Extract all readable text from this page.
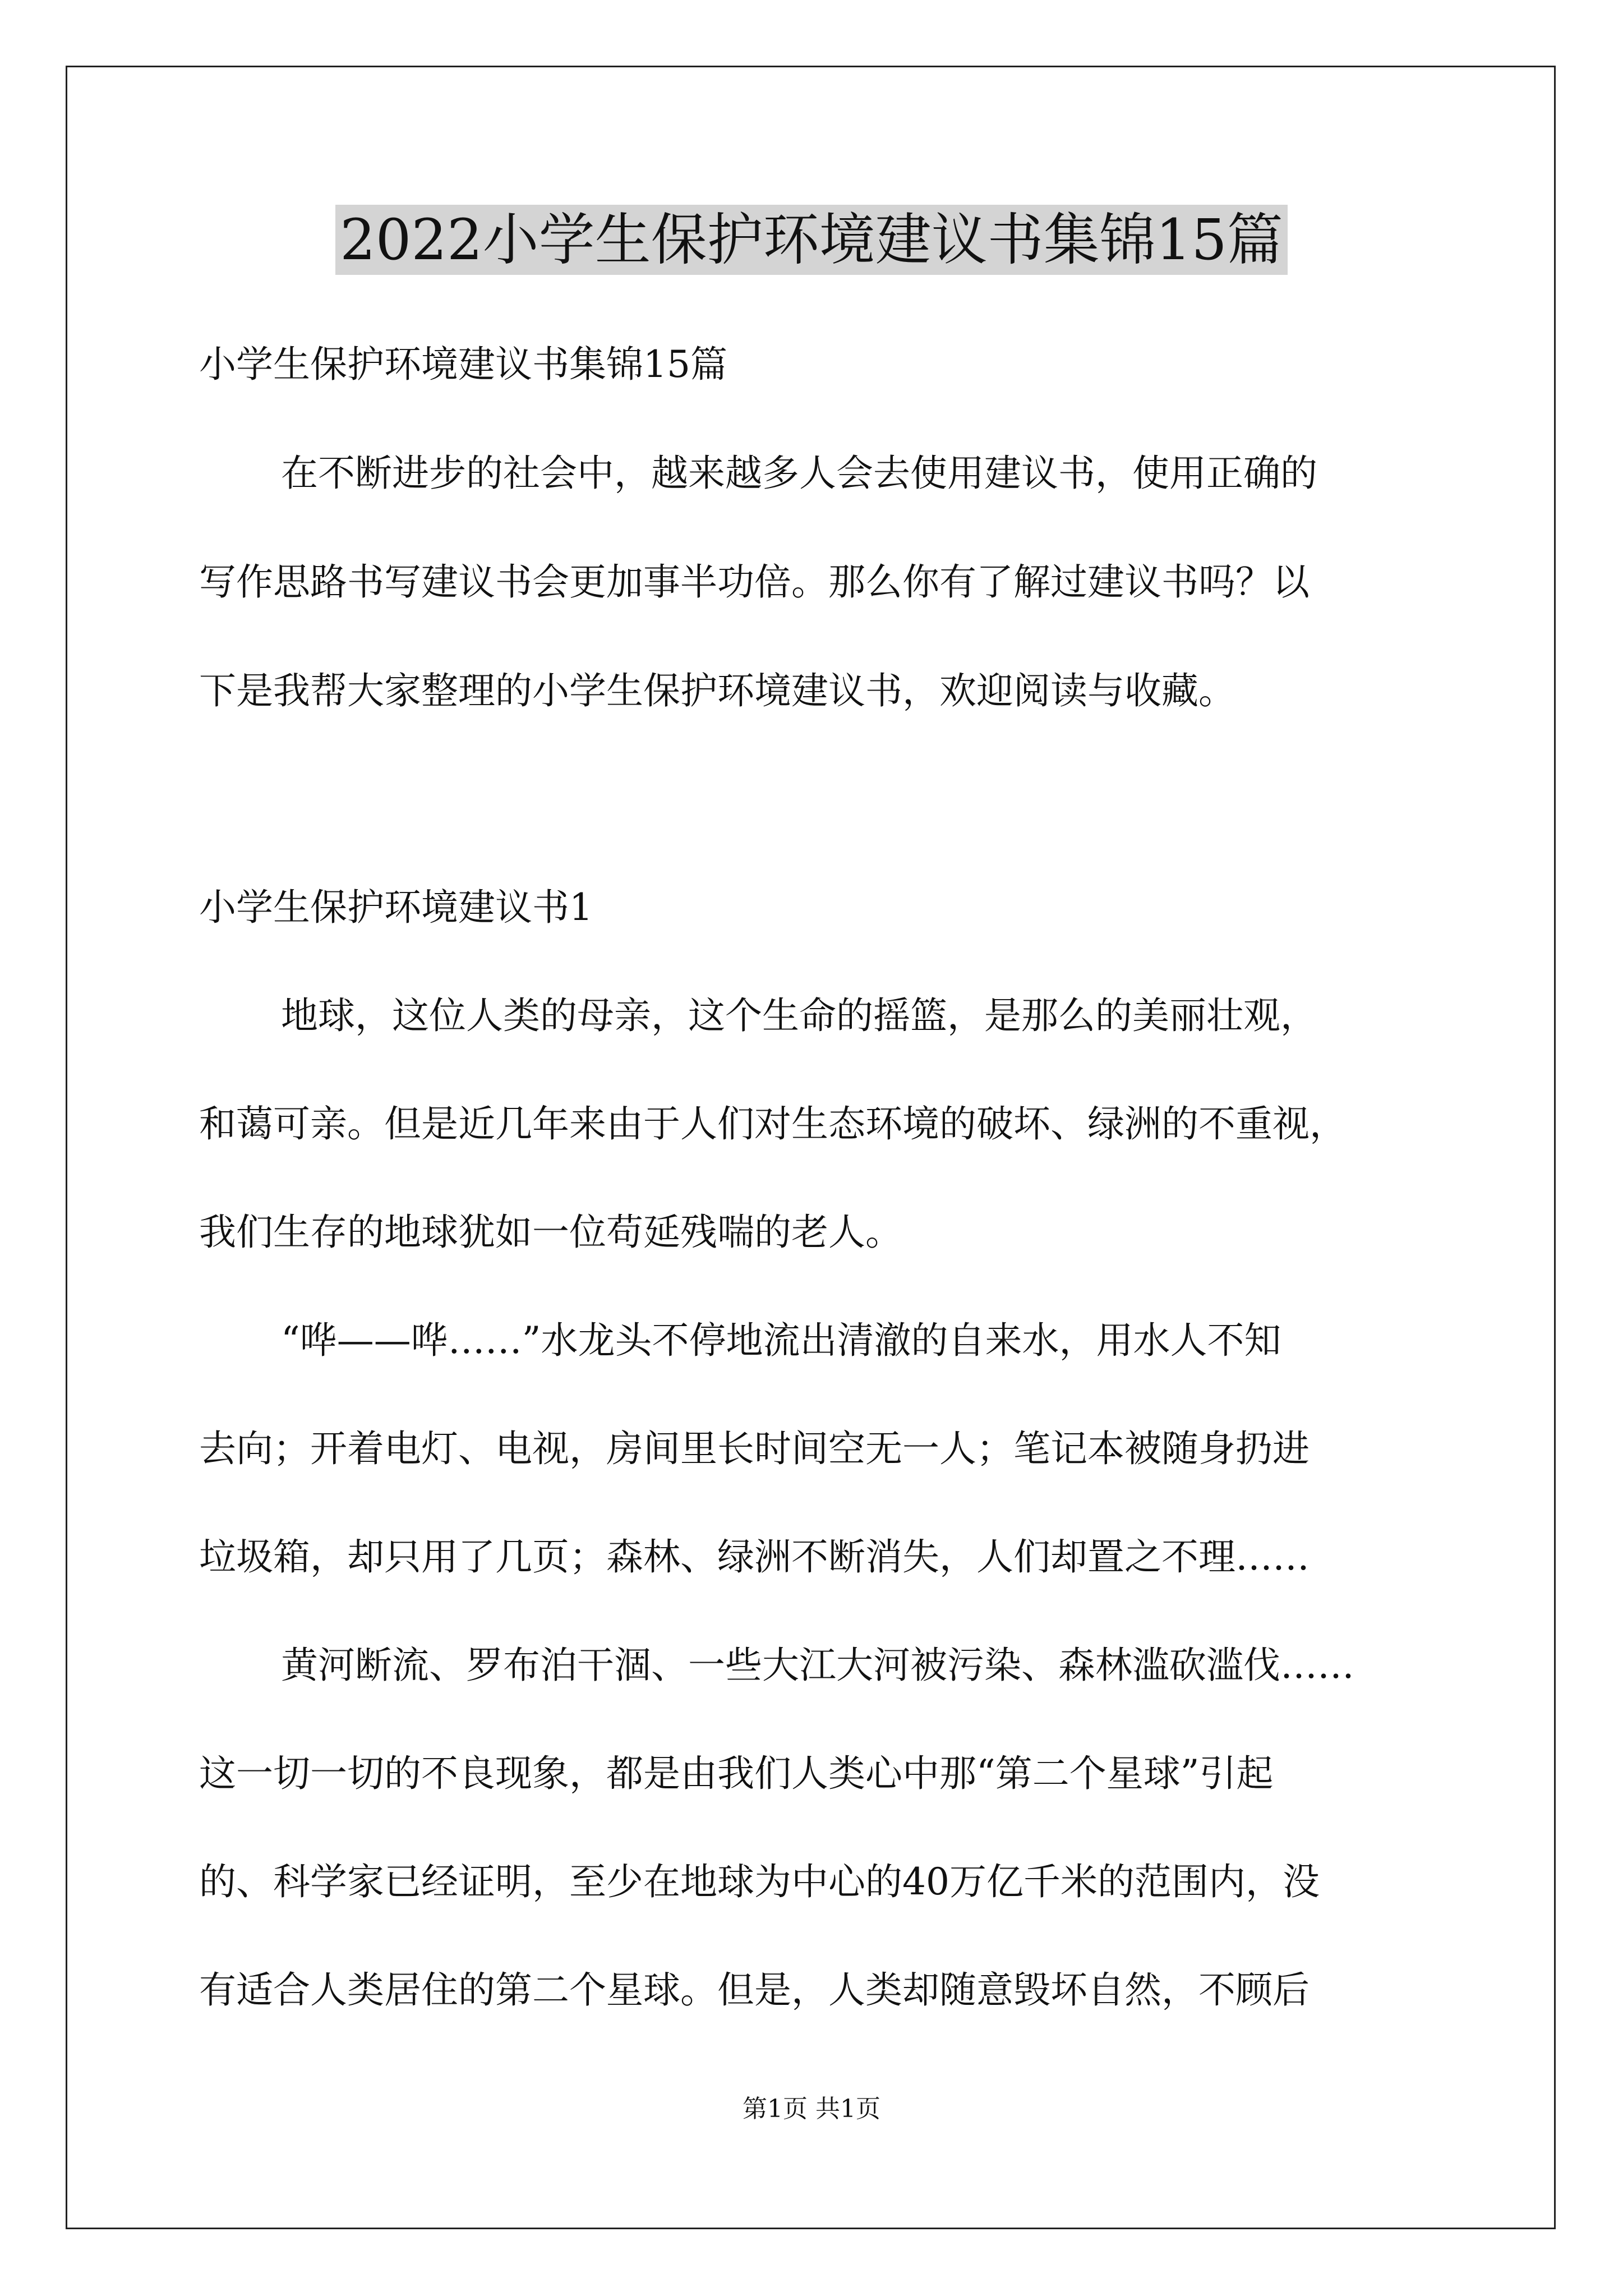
2022小学生保护环境建议书集锦15篇
小学生保护环境建议书集锦15篇
在不断进步的社会中，越来越多人会去使用建议书，使用正确的
写作思路书写建议书会更加事半功倍。那么你有了解过建议书吗？以
下是我帮大家整理的小学生保护环境建议书，欢迎阅读与收藏。
小学生保护环境建议书1
地球，这位人类的母亲，这个生命的摇篮，是那么的美丽壮观，
和蔼可亲。但是近几年来由于人们对生态环境的破坏、绿洲的不重视，
我们生存的地球犹如一位苟延残喘的老人。
“哗——哗……”水龙头不停地流出清澈的自来水，用水人不知
去向；开着电灯、电视，房间里长时间空无一人；笔记本被随身扔进
垃圾箱，却只用了几页；森林、绿洲不断消失，人们却置之不理……
黄河断流、罗布泊干涸、一些大江大河被污染、森林滥砍滥伐……
这一切一切的不良现象，都是由我们人类心中那“第二个星球”引起
的、科学家已经证明，至少在地球为中心的40万亿千米的范围内，没
有适合人类居住的第二个星球。但是，人类却随意毁坏自然，不顾后
第1页 共1页
